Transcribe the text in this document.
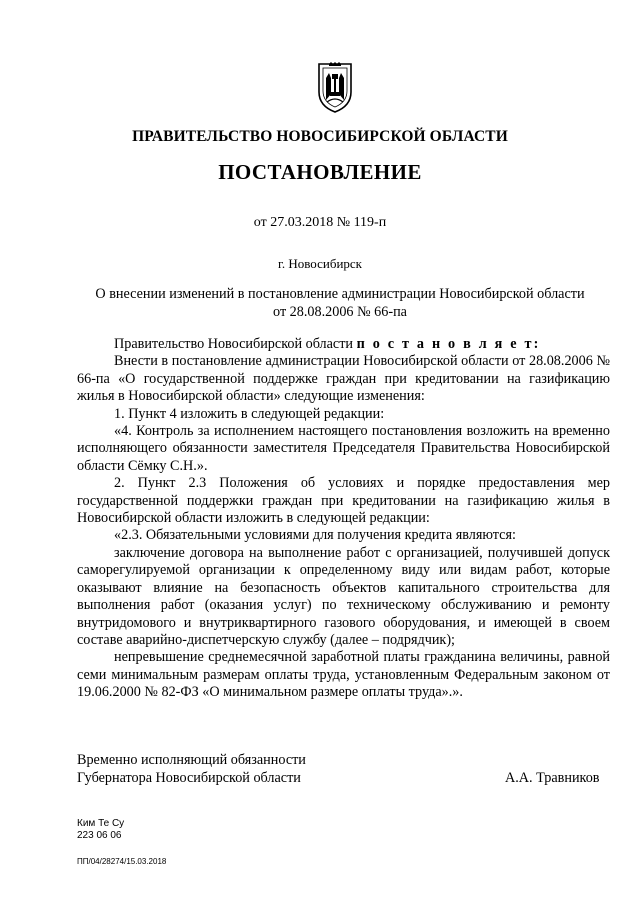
ПРАВИТЕЛЬСТВО НОВОСИБИРСКОЙ ОБЛАСТИ
ПОСТАНОВЛЕНИЕ
от 27.03.2018 № 119-п
г. Новосибирск
О внесении изменений в постановление администрации Новосибирской области
от 28.08.2006 № 66-па

Правительство Новосибирской области п о с т а н о в л я е т:

Внести в постановление администрации Новосибирской области от 28.08.2006 № 66-па «О государственной поддержке граждан при кредитовании на газификацию жилья в Новосибирской области» следующие изменения:

1. Пункт 4 изложить в следующей редакции:

«4. Контроль за исполнением настоящего постановления возложить на временно исполняющего обязанности заместителя Председателя Правительства Новосибирской области Сёмку С.Н.».

2. Пункт 2.3 Положения об условиях и порядке предоставления мер государственной поддержки граждан при кредитовании на газификацию жилья в Новосибирской области изложить в следующей редакции:

«2.3. Обязательными условиями для получения кредита являются:

заключение договора на выполнение работ с организацией, получившей допуск саморегулируемой организации к определенному виду или видам работ, которые оказывают влияние на безопасность объектов капитального строительства для выполнения работ (оказания услуг) по техническому обслуживанию и ремонту внутридомового и внутриквартирного газового оборудования, и имеющей в своем составе аварийно-диспетчерскую службу (далее – подрядчик);

непревышение среднемесячной заработной платы гражданина величины, равной семи минимальным размерам оплаты труда, установленным Федеральным законом от 19.06.2000 № 82-ФЗ «О минимальном размере оплаты труда».».

Временно исполняющий обязанности
Губернатора Новосибирской области	А.А. Травников
Ким Те Су
223 06 06
ПП/04/28274/15.03.2018
